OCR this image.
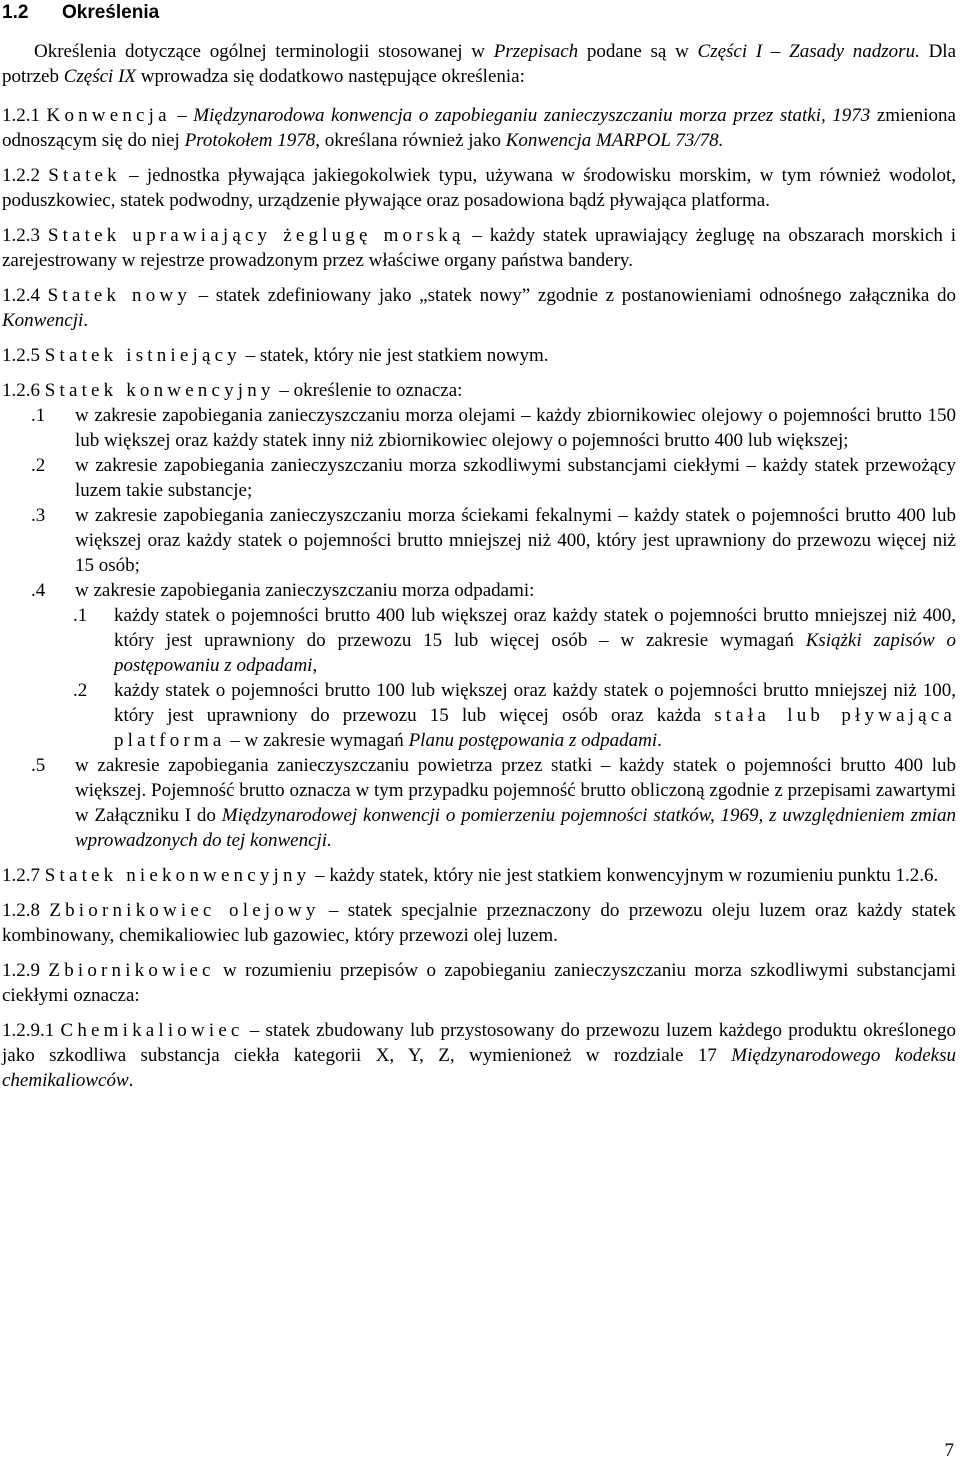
1.2 Określenia

Określenia dotyczące ogólnej terminologii stosowanej w Przepisach podane są w Części I – Zasady nadzoru. Dla potrzeb Części IX wprowadza się dodatkowo następujące określenia:

1.2.1 Konwencja – Międzynarodowa konwencja o zapobieganiu zanieczyszczaniu morza przez statki, 1973 zmieniona odnoszącym się do niej Protokołem 1978, określana również jako Konwencja MARPOL 73/78.

1.2.2 Statek – jednostka pływająca jakiegokolwiek typu, używana w środowisku morskim, w tym również wodolot, poduszkowiec, statek podwodny, urządzenie pływające oraz posadowiona bądź pływająca platforma.

1.2.3 Statek uprawiający żeglugę morską – każdy statek uprawiający żeglugę na obszarach morskich i zarejestrowany w rejestrze prowadzonym przez właściwe organy państwa bandery.

1.2.4 Statek nowy – statek zdefiniowany jako „statek nowy” zgodnie z postanowieniami odnośnego załącznika do Konwencji.

1.2.5 Statek istniejący – statek, który nie jest statkiem nowym.

1.2.6 Statek konwencyjny – określenie to oznacza:

.1	w zakresie zapobiegania zanieczyszczaniu morza olejami – każdy zbiornikowiec olejowy o pojemności brutto 150 lub większej oraz każdy statek inny niż zbiornikowiec olejowy o pojemności brutto 400 lub większej;
.2	w zakresie zapobiegania zanieczyszczaniu morza szkodliwymi substancjami ciekłymi – każdy statek przewożący luzem takie substancje;
.3	w zakresie zapobiegania zanieczyszczaniu morza ściekami fekalnymi – każdy statek o pojemności brutto 400 lub większej oraz każdy statek o pojemności brutto mniejszej niż 400, który jest uprawniony do przewozu więcej niż 15 osób;
.4	w zakresie zapobiegania zanieczyszczaniu morza odpadami:
.1	każdy statek o pojemności brutto 400 lub większej oraz każdy statek o pojemności brutto mniejszej niż 400, który jest uprawniony do przewozu 15 lub więcej osób – w zakresie wymagań Książki zapisów o postępowaniu z odpadami,
.2	każdy statek o pojemności brutto 100 lub większej oraz każdy statek o pojemności brutto mniejszej niż 100, który jest uprawniony do przewozu 15 lub więcej osób oraz każda stała lub pływająca platforma – w zakresie wymagań Planu postępowania z odpadami.
.5	w zakresie zapobiegania zanieczyszczaniu powietrza przez statki – każdy statek o pojemności brutto 400 lub większej. Pojemność brutto oznacza w tym przypadku pojemność brutto obliczoną zgodnie z przepisami zawartymi w Załączniku I do Międzynarodowej konwencji o pomierzeniu pojemności statków, 1969, z uwzględnieniem zmian wprowadzonych do tej konwencji.

1.2.7 Statek niekonwencyjny – każdy statek, który nie jest statkiem konwencyjnym w rozumieniu punktu 1.2.6.

1.2.8 Zbiornikowiec olejowy – statek specjalnie przeznaczony do przewozu oleju luzem oraz każdy statek kombinowany, chemikaliowiec lub gazowiec, który przewozi olej luzem.

1.2.9 Zbiornikowiec w rozumieniu przepisów o zapobieganiu zanieczyszczaniu morza szkodliwymi substancjami ciekłymi oznacza:

1.2.9.1 Chemikaliowiec – statek zbudowany lub przystosowany do przewozu luzem każdego produktu określonego jako szkodliwa substancja ciekła kategorii X, Y, Z, wymienioneż w rozdziale 17 Międzynarodowego kodeksu chemikaliowców.

7
